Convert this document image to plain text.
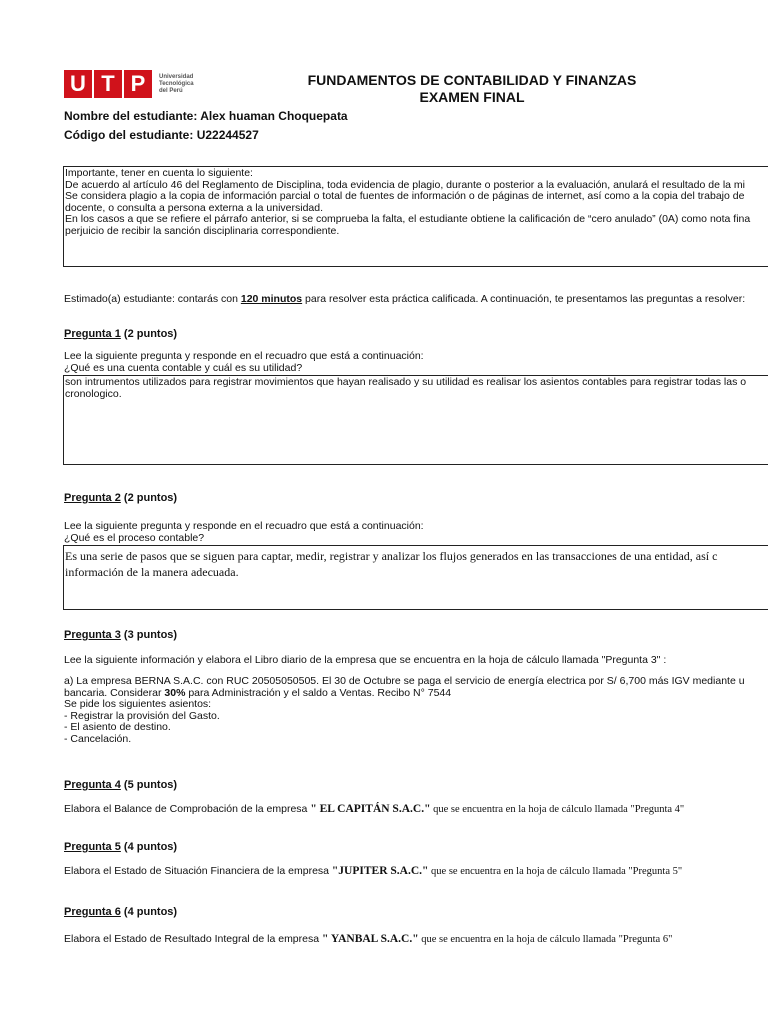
U T P	Universidad
Tecnológica
del Perú
FUNDAMENTOS DE CONTABILIDAD Y FINANZAS
EXAMEN FINAL
Nombre del estudiante: Alex huaman Choquepata
Código del estudiante: U22244527
Importante, tener en cuenta lo siguiente:
De acuerdo al artículo 46 del Reglamento de Disciplina, toda evidencia de plagio, durante o posterior a la evaluación, anulará el resultado de la mi
Se considera plagio a la copia de información parcial o total de fuentes de información o de páginas de internet, así como a la copia del trabajo de
docente, o consulta a persona externa a la universidad.
En los casos a que se refiere el párrafo anterior, si se comprueba la falta, el estudiante obtiene la calificación de “cero anulado” (0A) como nota fina
perjuicio de recibir la sanción disciplinaria correspondiente.
Estimado(a) estudiante: contarás con 120 minutos para resolver esta práctica calificada. A continuación, te presentamos las preguntas a resolver:
Pregunta 1 (2 puntos)
Lee la siguiente pregunta y responde en el recuadro que está a continuación:
¿Qué es una cuenta contable y cuál es su utilidad?
son intrumentos utilizados para registrar movimientos que hayan realisado y su utilidad es realisar los asientos contables para registrar todas las o
cronologico.
Pregunta 2 (2 puntos)
Lee la siguiente pregunta y responde en el recuadro que está a continuación:
¿Qué es el proceso contable?
Es una serie de pasos que se siguen para captar, medir, registrar y analizar los flujos generados en las transacciones de una entidad, así c
información de la manera adecuada.
Pregunta 3 (3 puntos)
Lee la siguiente información y elabora el Libro diario de la empresa que se encuentra en la hoja de cálculo llamada "Pregunta 3" :
a) La empresa BERNA S.A.C. con RUC 20505050505. El 30 de Octubre se paga el servicio de energía electrica por S/ 6,700 más IGV mediante u
bancaria. Considerar 30% para Administración y el saldo a Ventas. Recibo N° 7544
Se pide los siguientes asientos:
- Registrar la provisión del Gasto.
- El asiento de destino.
- Cancelación.
Pregunta 4 (5 puntos)
Elabora el Balance de Comprobación de la empresa " EL CAPITÁN S.A.C." que se encuentra en la hoja de cálculo llamada "Pregunta 4"
Pregunta 5 (4 puntos)
Elabora el Estado de Situación Financiera de la empresa "JUPITER S.A.C." que se encuentra en la hoja de cálculo llamada "Pregunta 5"
Pregunta 6 (4 puntos)
Elabora el Estado de Resultado Integral de la empresa " YANBAL S.A.C." que se encuentra en la hoja de cálculo llamada "Pregunta 6"
